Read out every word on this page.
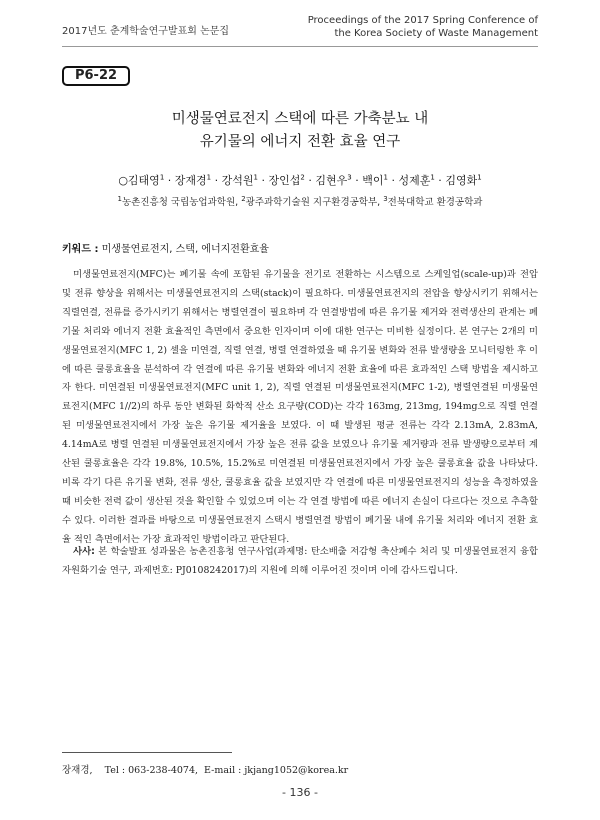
2017년도 춘계학술연구발표회 논문집
Proceedings of the 2017 Spring Conference of
the Korea Society of Waste Management
P6-22
미생물연료전지 스택에 따른 가축분뇨 내
유기물의 에너지 전환 효율 연구
○김태영$^1$ · 장재경$^1$ · 강석원$^1$ · 장인섭$^2$ · 김현우$^3$ · 백이$^1$ · 성제훈$^1$ · 김영화$^1$
$^1$농촌진흥청 국립농업과학원, $^2$광주과학기술원 지구환경공학부, $^3$전북대학교 환경공학과
키워드 : 미생물연료전지, 스택, 에너지전환효율

미생물연료전지(MFC)는 폐기물 속에 포함된 유기물을 전기로 전환하는 시스템으로 스케일업(scale-up)과 전압 및 전류 향상을 위해서는 미생물연료전지의 스택(stack)이 필요하다. 미생물연료전지의 전압을 향상시키기 위해서는 직렬연결, 전류를 증가시키기 위해서는 병렬연결이 필요하며 각 연결방법에 따른 유기물 제거와 전력생산의 관계는 폐기물 처리와 에너지 전환 효율적인 측면에서 중요한 인자이며 이에 대한 연구는 미비한 실정이다. 본 연구는 2개의 미생물연료전지(MFC 1, 2) 셀을 미연결, 직렬 연결, 병렬 연결하였을 때 유기물 변화와 전류 발생량을 모니터링한 후 이에 따른 쿨롱효율을 분석하여 각 연결에 따른 유기물 변화와 에너지 전환 효율에 따른 효과적인 스택 방법을 제시하고자 한다. 미연결된 미생물연료전지(MFC unit 1, 2), 직렬 연결된 미생물연료전지(MFC 1-2), 병렬연결된 미생물연료전지(MFC 1//2)의 하루 동안 변화된 화학적 산소 요구량(COD)는 각각 163mg, 213mg, 194mg으로 직렬 연결된 미생물연료전지에서 가장 높은 유기물 제거율을 보였다. 이 때 발생된 평균 전류는 각각 2.13mA, 2.83mA, 4.14mA로 병렬 연결된 미생물연료전지에서 가장 높은 전류 값을 보였으나 유기물 제거량과 전류 발생량으로부터 계산된 쿨롱효율은 각각 19.8%, 10.5%, 15.2%로 미연결된 미생물연료전지에서 가장 높은 쿨롱효율 값을 나타났다. 비록 각기 다른 유기물 변화, 전류 생산, 쿨롱효율 값을 보였지만 각 연결에 따른 미생물연료전지의 성능을 측정하였을 때 비슷한 전력 값이 생산된 것을 확인할 수 있었으며 이는 각 연결 방법에 따른 에너지 손실이 다르다는 것으로 추측할 수 있다. 이러한 결과를 바탕으로 미생물연료전지 스택시 병렬연결 방법이 폐기물 내에 유기물 처리와 에너지 전환 효율 적인 측면에서는 가장 효과적인 방법이라고 판단된다.

사사: 본 학술발표 성과물은 농촌진흥청 연구사업(과제명: 탄소배출 저감형 축산폐수 처리 및 미생물연료전지 융합 자원화기술 연구, 과제번호: PJ0108242017)의 지원에 의해 이루어진 것이며 이에 감사드립니다.

장재경,    Tel : 063-238-4074,  E-mail : jkjang1052@korea.kr
- 136 -
